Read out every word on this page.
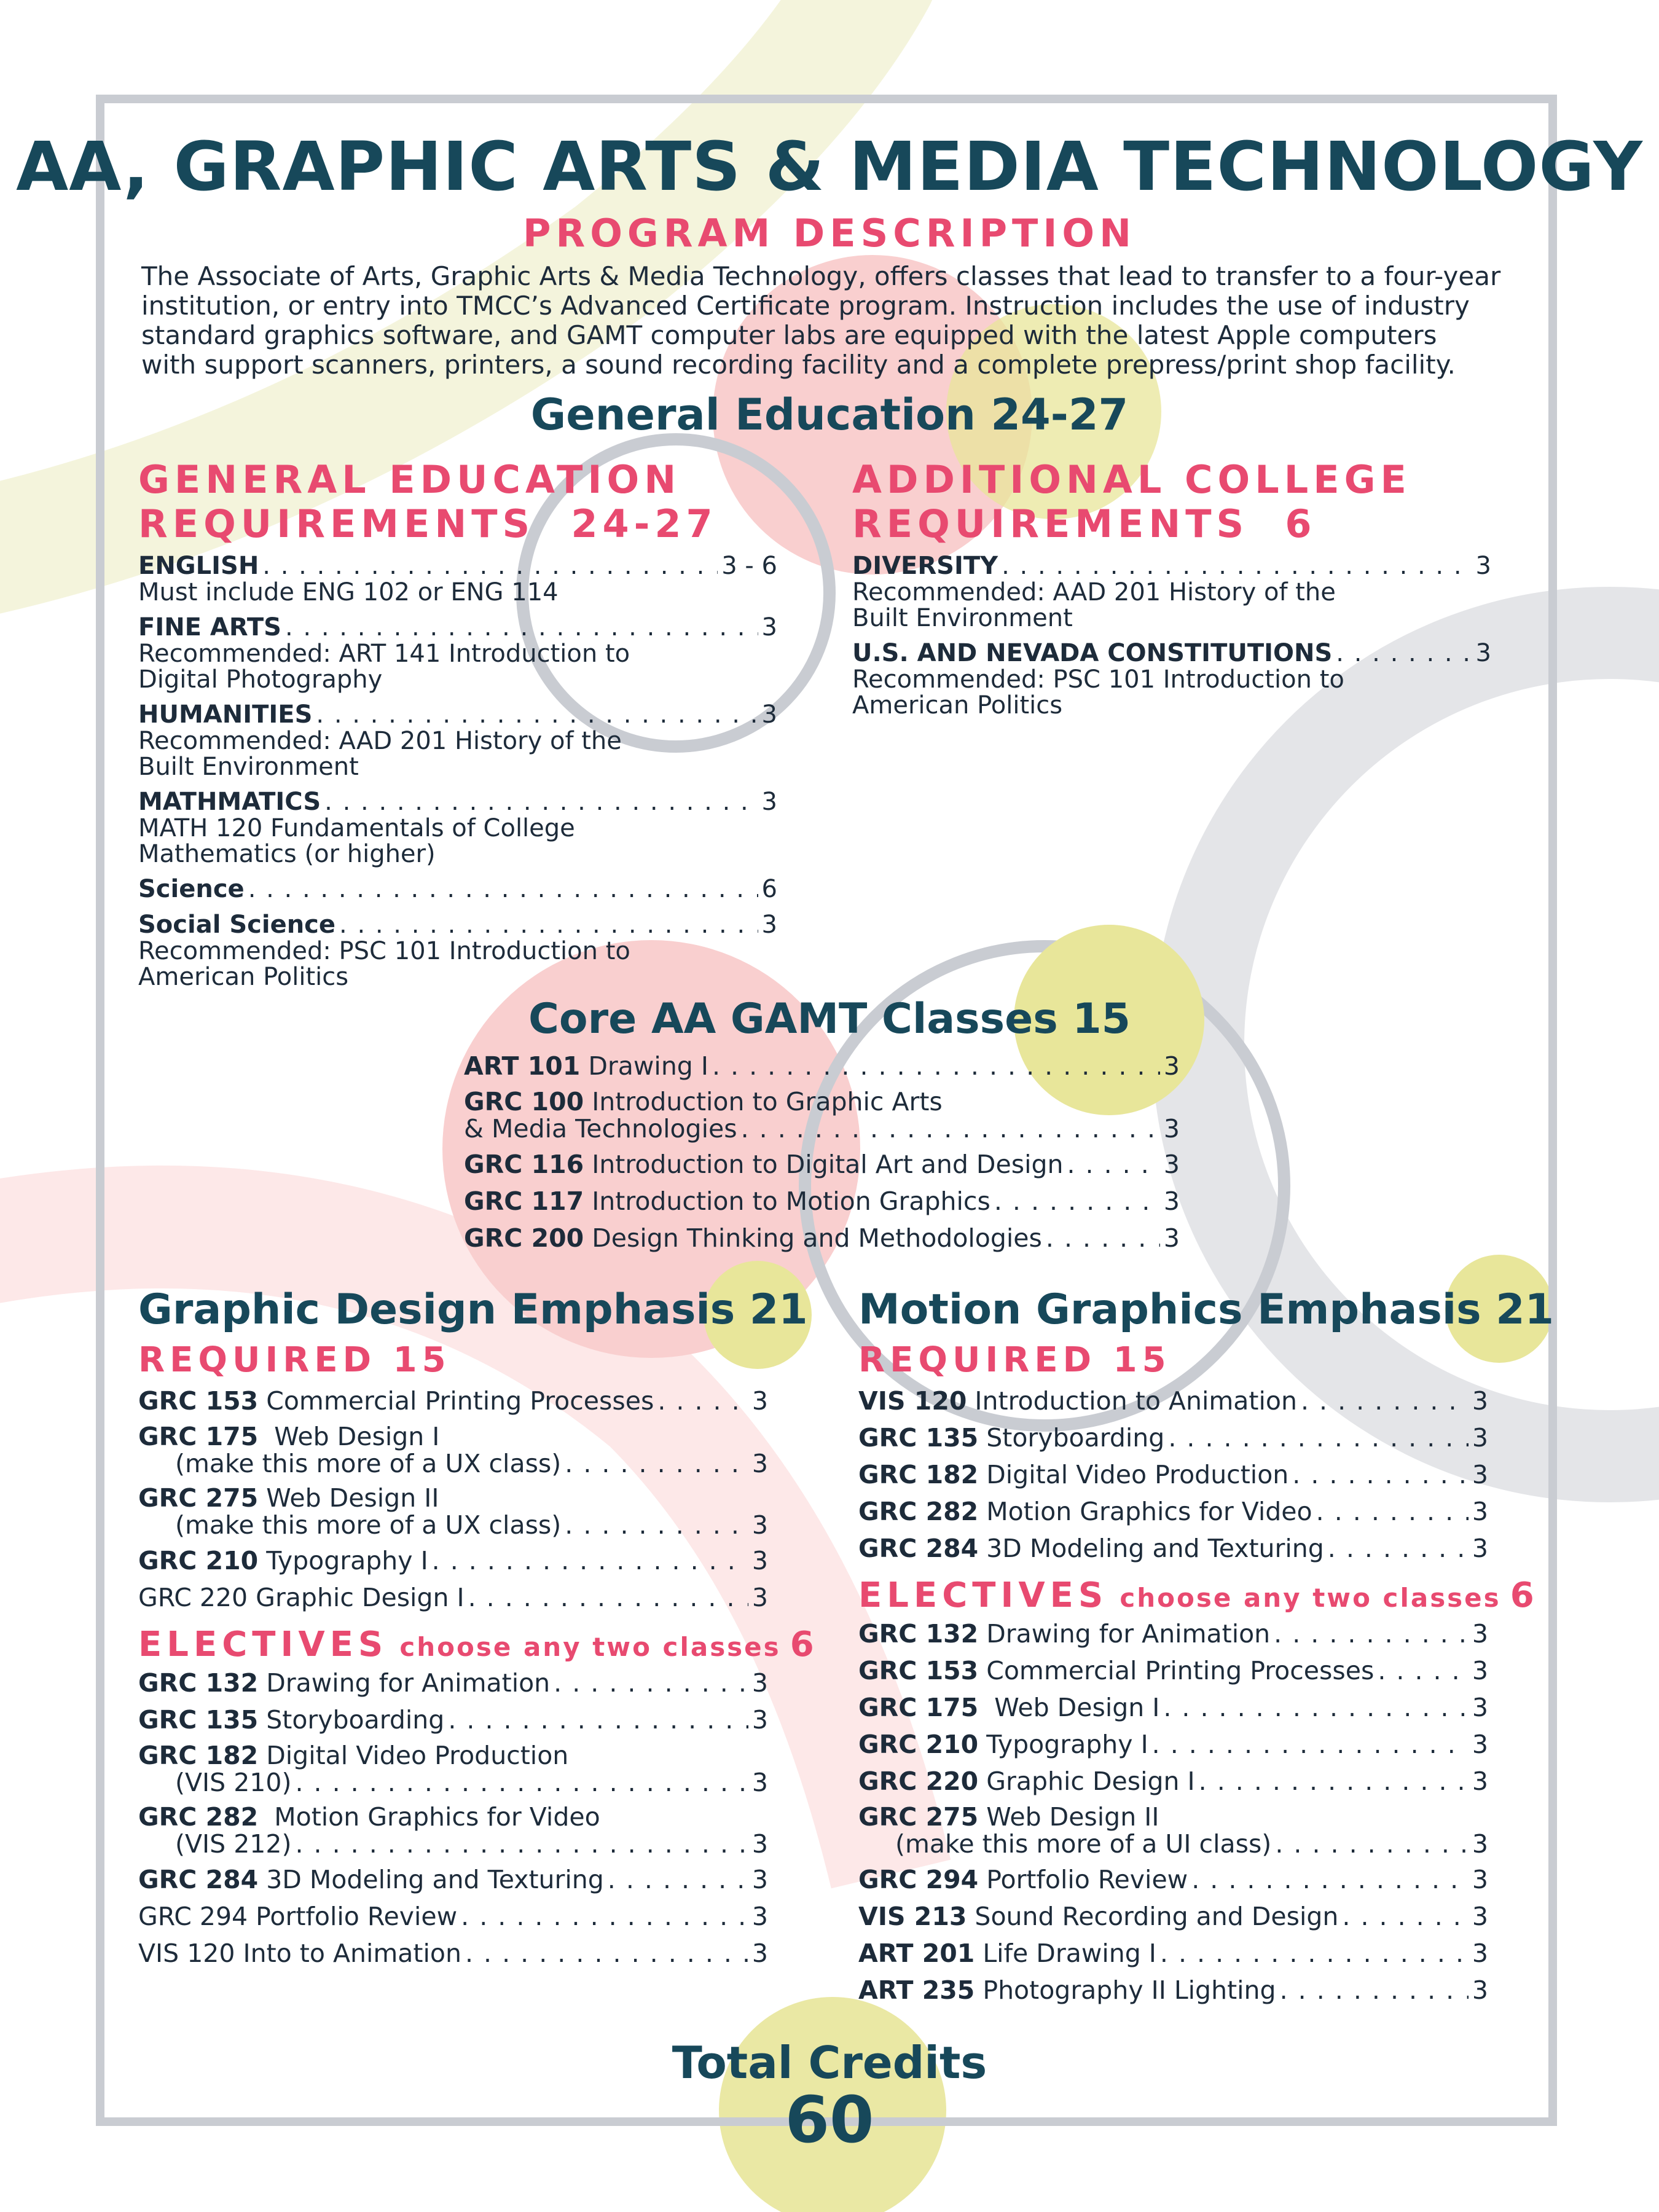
AA, GRAPHIC ARTS & MEDIA TECHNOLOGY
PROGRAM DESCRIPTION
The Associate of Arts, Graphic Arts & Media Technology, offers classes that lead to transfer to a four-year
institution, or entry into TMCC’s Advanced Certificate program. Instruction includes the use of industry
standard graphics software, and GAMT computer labs are equipped with the latest Apple computers
with support scanners, printers, a sound recording facility and a complete prepress/print shop facility.
General Education 24-27
GENERAL EDUCATION
REQUIREMENTS  24-27
ENGLISH . . .	3 - 6
Must include ENG 102 or ENG 114
FINE ARTS . . .	3
Recommended: ART 141 Introduction to Digital Photography
HUMANITIES . . .	3
Recommended: AAD 201 History of the Built Environment
MATHMATICS . . .	3
MATH 120 Fundamentals of College Mathematics (or higher)
Science . . .	6
Social Science . . .	3
Recommended: PSC 101 Introduction to American Politics
ADDITIONAL COLLEGE
REQUIREMENTS  6
DIVERSITY . . .	3
Recommended: AAD 201 History of the Built Environment
U.S. AND NEVADA CONSTITUTIONS . . .	3
Recommended: PSC 101 Introduction to American Politics
Core AA GAMT Classes 15
ART 101 Drawing I . . .	3
GRC 100 Introduction to Graphic Arts
& Media Technologies . . .	3
GRC 116 Introduction to Digital Art and Design . . .	3
GRC 117 Introduction to Motion Graphics . . .	3
GRC 200 Design Thinking and Methodologies . . .	3
Graphic Design Emphasis 21
REQUIRED 15
GRC 153 Commercial Printing Processes . . .	3
GRC 175  Web Design I
(make this more of a UX class) . . .	3
GRC 275 Web Design II
(make this more of a UX class) . . .	3
GRC 210 Typography I . . .	3
GRC 220 Graphic Design I . . .	3
ELECTIVES choose any two classes 6
GRC 132 Drawing for Animation . . .	3
GRC 135 Storyboarding . . .	3
GRC 182 Digital Video Production
(VIS 210) . . .	3
GRC 282  Motion Graphics for Video
(VIS 212) . . .	3
GRC 284 3D Modeling and Texturing . . .	3
GRC 294 Portfolio Review . . .	3
VIS 120 Into to Animation . . .	3
Motion Graphics Emphasis 21
REQUIRED 15
VIS 120 Introduction to Animation . . .	3
GRC 135 Storyboarding . . .	3
GRC 182 Digital Video Production . . .	3
GRC 282 Motion Graphics for Video . . .	3
GRC 284 3D Modeling and Texturing . . .	3
ELECTIVES choose any two classes 6
GRC 132 Drawing for Animation . . .	3
GRC 153 Commercial Printing Processes . . .	3
GRC 175  Web Design I . . .	3
GRC 210 Typography I . . .	3
GRC 220 Graphic Design I . . .	3
GRC 275 Web Design II
(make this more of a UI class) . . .	3
GRC 294 Portfolio Review . . .	3
VIS 213 Sound Recording and Design . . .	3
ART 201 Life Drawing I . . .	3
ART 235 Photography II Lighting . . .	3
Total Credits
60
